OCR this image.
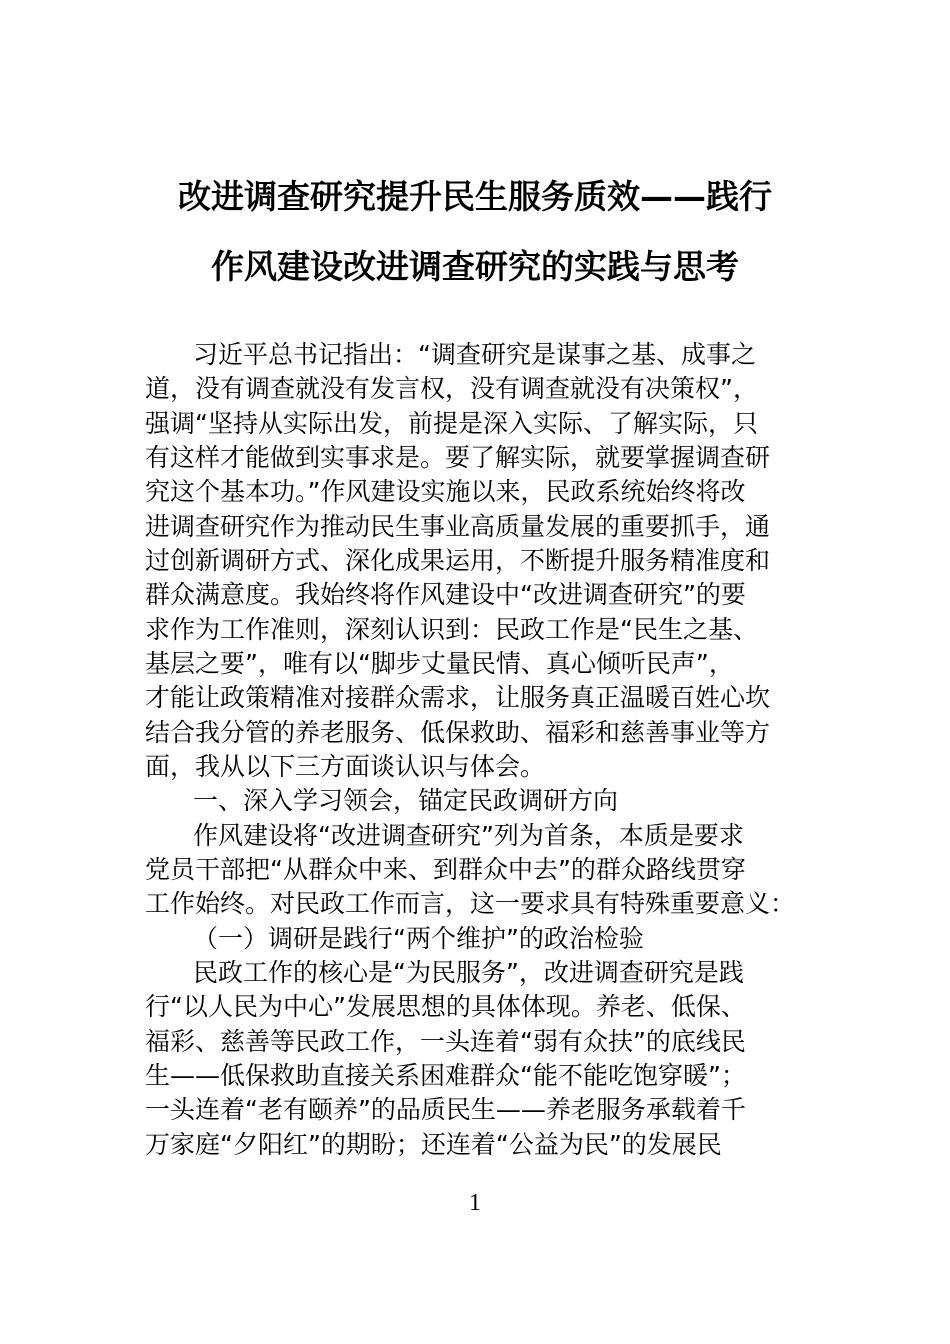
改进调查研究提升民生服务质效——践行
作风建设改进调查研究的实践与思考
习近平总书记指出：“调查研究是谋事之基、成事之
道，没有调查就没有发言权，没有调查就没有决策权”，
强调“坚持从实际出发，前提是深入实际、了解实际，只
有这样才能做到实事求是。要了解实际，就要掌握调查研
究这个基本功。”作风建设实施以来，民政系统始终将改
进调查研究作为推动民生事业高质量发展的重要抓手，通
过创新调研方式、深化成果运用，不断提升服务精准度和
群众满意度。我始终将作风建设中“改进调查研究”的要
求作为工作准则，深刻认识到：民政工作是“民生之基、
基层之要”，唯有以“脚步丈量民情、真心倾听民声”，
才能让政策精准对接群众需求，让服务真正温暖百姓心坎
结合我分管的养老服务、低保救助、福彩和慈善事业等方
面，我从以下三方面谈认识与体会。
一、深入学习领会，锚定民政调研方向
作风建设将“改进调查研究”列为首条，本质是要求
党员干部把“从群众中来、到群众中去”的群众路线贯穿
工作始终。对民政工作而言，这一要求具有特殊重要意义：
（一）调研是践行“两个维护”的政治检验
民政工作的核心是“为民服务”，改进调查研究是践
行“以人民为中心”发展思想的具体体现。养老、低保、
福彩、慈善等民政工作，一头连着“弱有众扶”的底线民
生——低保救助直接关系困难群众“能不能吃饱穿暖”；
一头连着“老有颐养”的品质民生——养老服务承载着千
万家庭“夕阳红”的期盼；还连着“公益为民”的发展民
1
